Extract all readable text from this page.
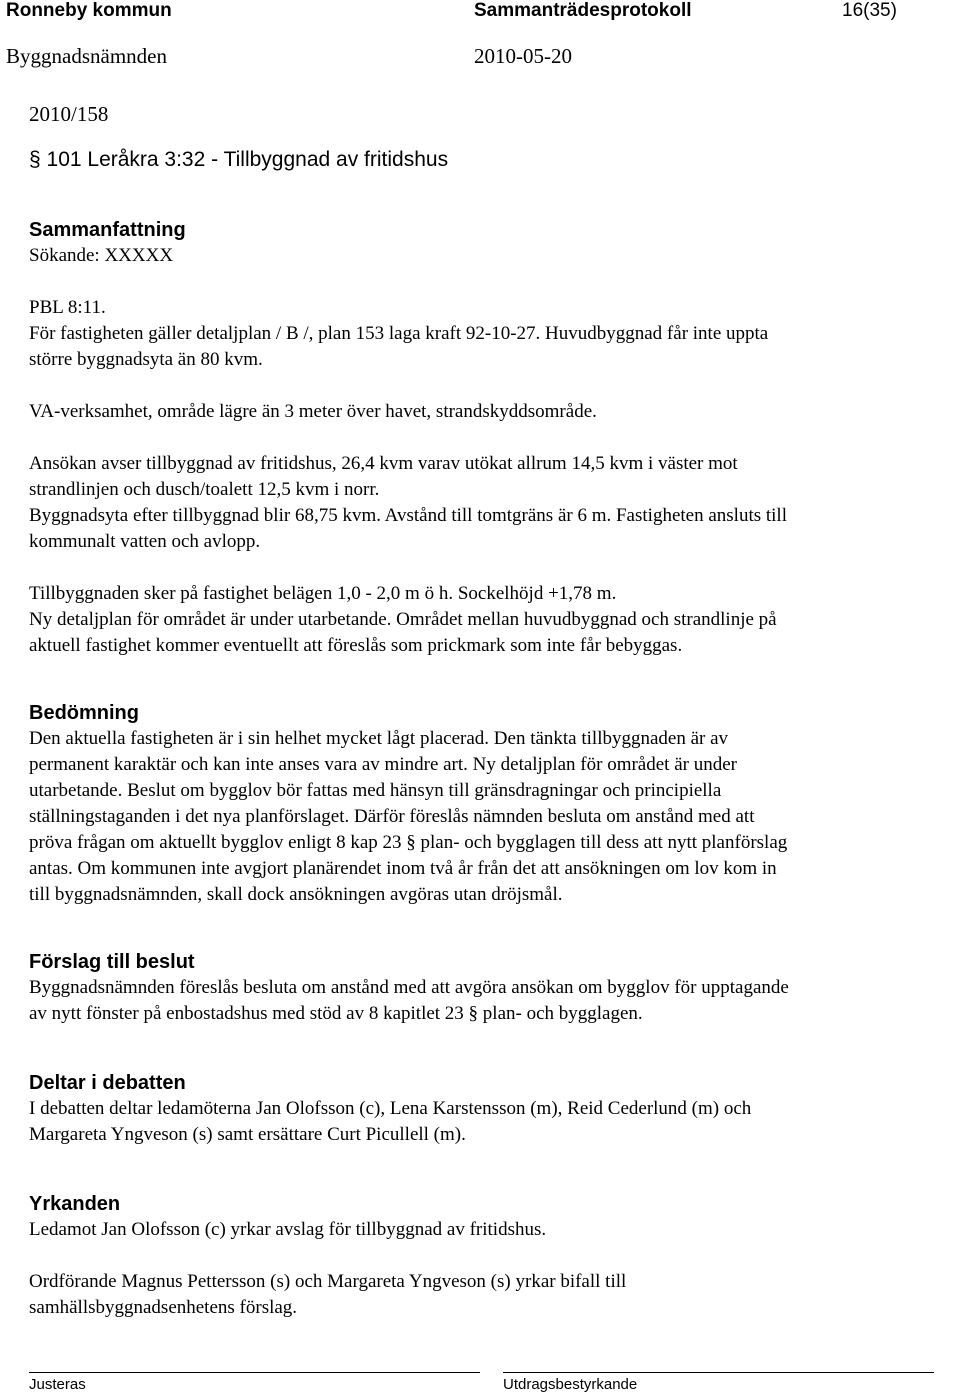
Ronneby kommun	Sammanträdesprotokoll	16(35)
Byggnadsnämnden	2010-05-20
2010/158
§ 101 Leråkra 3:32 - Tillbyggnad av fritidshus
Sammanfattning
Sökande: XXXXX

PBL 8:11.
För fastigheten gäller detaljplan / B /, plan 153 laga kraft 92-10-27. Huvudbyggnad får inte uppta
större byggnadsyta än 80 kvm.

VA-verksamhet, område lägre än 3 meter över havet, strandskyddsområde.

Ansökan avser tillbyggnad av fritidshus, 26,4 kvm varav utökat allrum 14,5 kvm i väster mot
strandlinjen och dusch/toalett 12,5 kvm i norr.
Byggnadsyta efter tillbyggnad blir 68,75 kvm. Avstånd till tomtgräns är 6 m. Fastigheten ansluts till
kommunalt vatten och avlopp.

Tillbyggnaden sker på fastighet belägen 1,0 - 2,0 m ö h. Sockelhöjd +1,78 m.
Ny detaljplan för området är under utarbetande. Området mellan huvudbyggnad och strandlinje på
aktuell fastighet kommer eventuellt att föreslås som prickmark som inte får bebyggas.
Bedömning
Den aktuella fastigheten är i sin helhet mycket lågt placerad. Den tänkta tillbyggnaden är av
permanent karaktär och kan inte anses vara av mindre art. Ny detaljplan för området är under
utarbetande. Beslut om bygglov bör fattas med hänsyn till gränsdragningar och principiella
ställningstaganden i det nya planförslaget. Därför föreslås nämnden besluta om anstånd med att
pröva frågan om aktuellt bygglov enligt 8 kap 23 § plan- och bygglagen till dess att nytt planförslag
antas. Om kommunen inte avgjort planärendet inom två år från det att ansökningen om lov kom in
till byggnadsnämnden, skall dock ansökningen avgöras utan dröjsmål.
Förslag till beslut
Byggnadsnämnden föreslås besluta om anstånd med att avgöra ansökan om bygglov för upptagande
av nytt fönster på enbostadshus med stöd av 8 kapitlet 23 § plan- och bygglagen.
Deltar i debatten
I debatten deltar ledamöterna Jan Olofsson (c), Lena Karstensson (m), Reid Cederlund (m) och
Margareta Yngveson (s) samt ersättare Curt Picullell (m).
Yrkanden
Ledamot Jan Olofsson (c) yrkar avslag för tillbyggnad av fritidshus.

Ordförande Magnus Pettersson (s) och Margareta Yngveson (s) yrkar bifall till
samhällsbyggnadsenhetens förslag.
Justeras	Utdragsbestyrkande
